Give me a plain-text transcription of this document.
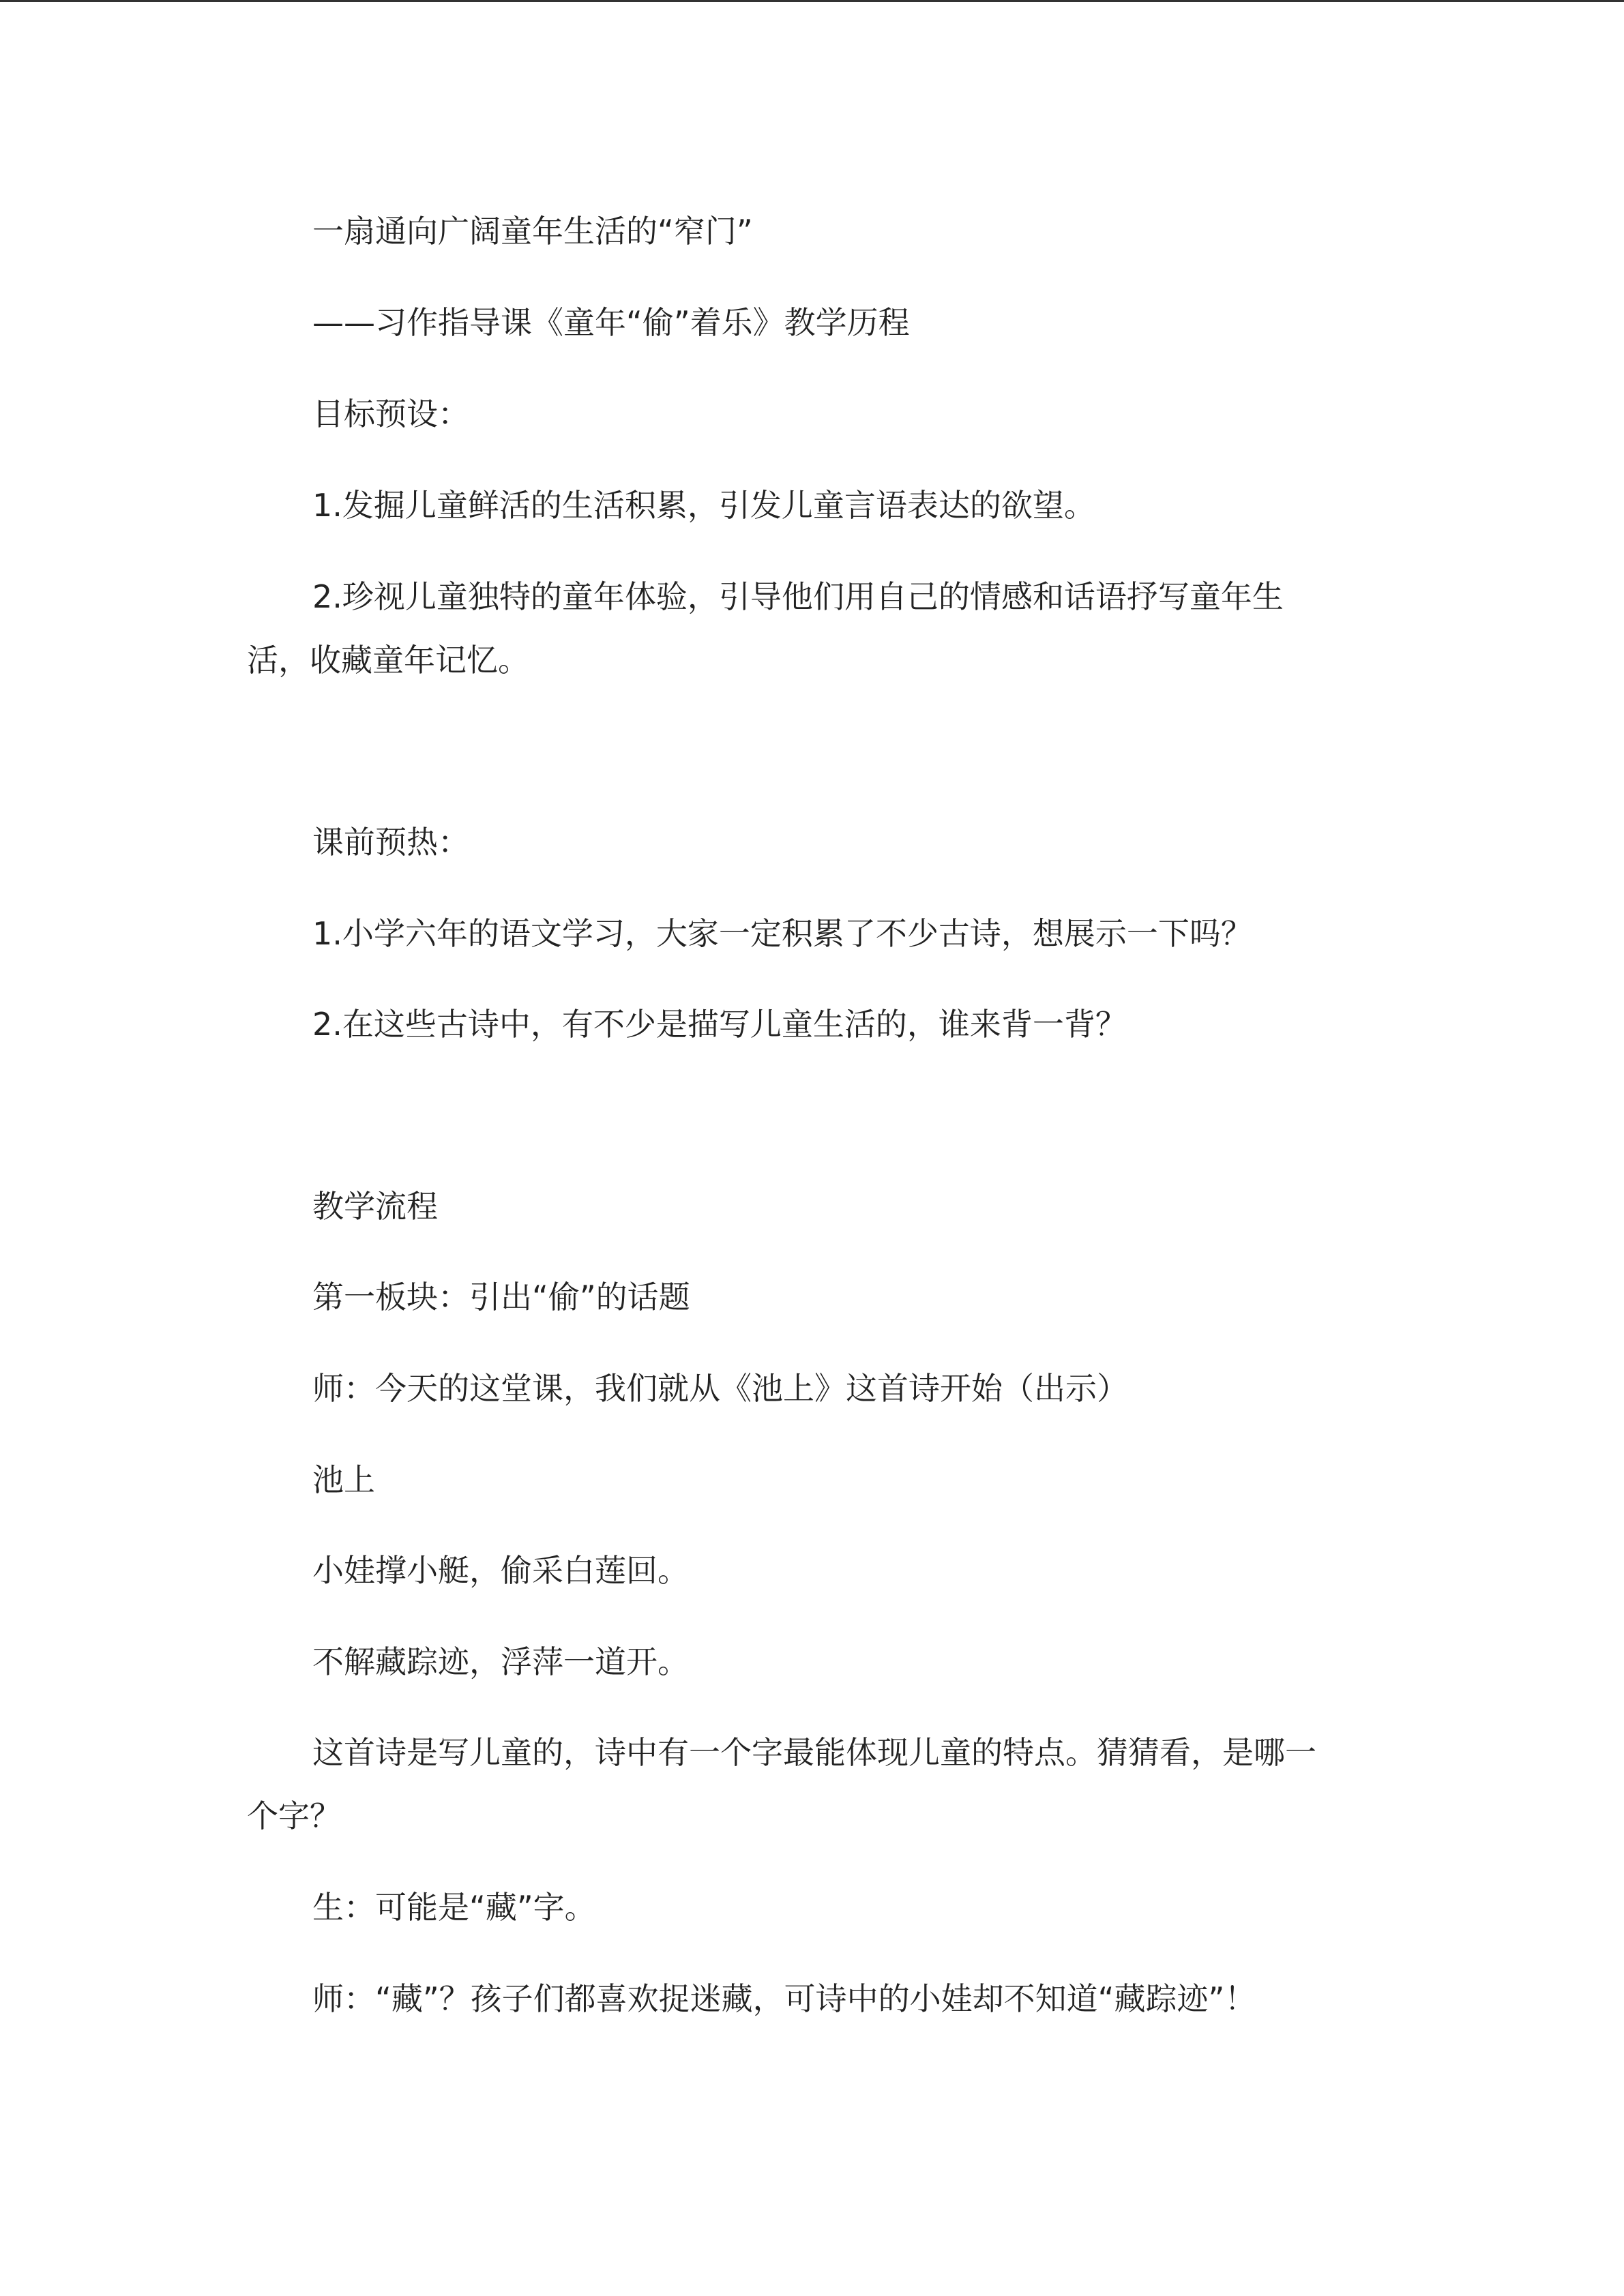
一扇通向广阔童年生活的“窄门”
——习作指导课《童年“偷”着乐》教学历程
目标预设：
1.发掘儿童鲜活的生活积累，引发儿童言语表达的欲望。
2.珍视儿童独特的童年体验，引导他们用自己的情感和话语抒写童年生
活，收藏童年记忆。
课前预热：
1.小学六年的语文学习，大家一定积累了不少古诗，想展示一下吗？
2.在这些古诗中，有不少是描写儿童生活的，谁来背一背？
教学流程
第一板块：引出“偷”的话题
师：今天的这堂课，我们就从《池上》这首诗开始（出示）
池上
小娃撑小艇，偷采白莲回。
不解藏踪迹，浮萍一道开。
这首诗是写儿童的，诗中有一个字最能体现儿童的特点。猜猜看，是哪一
个字？
生：可能是“藏”字。
师：“藏”？孩子们都喜欢捉迷藏，可诗中的小娃却不知道“藏踪迹”！
